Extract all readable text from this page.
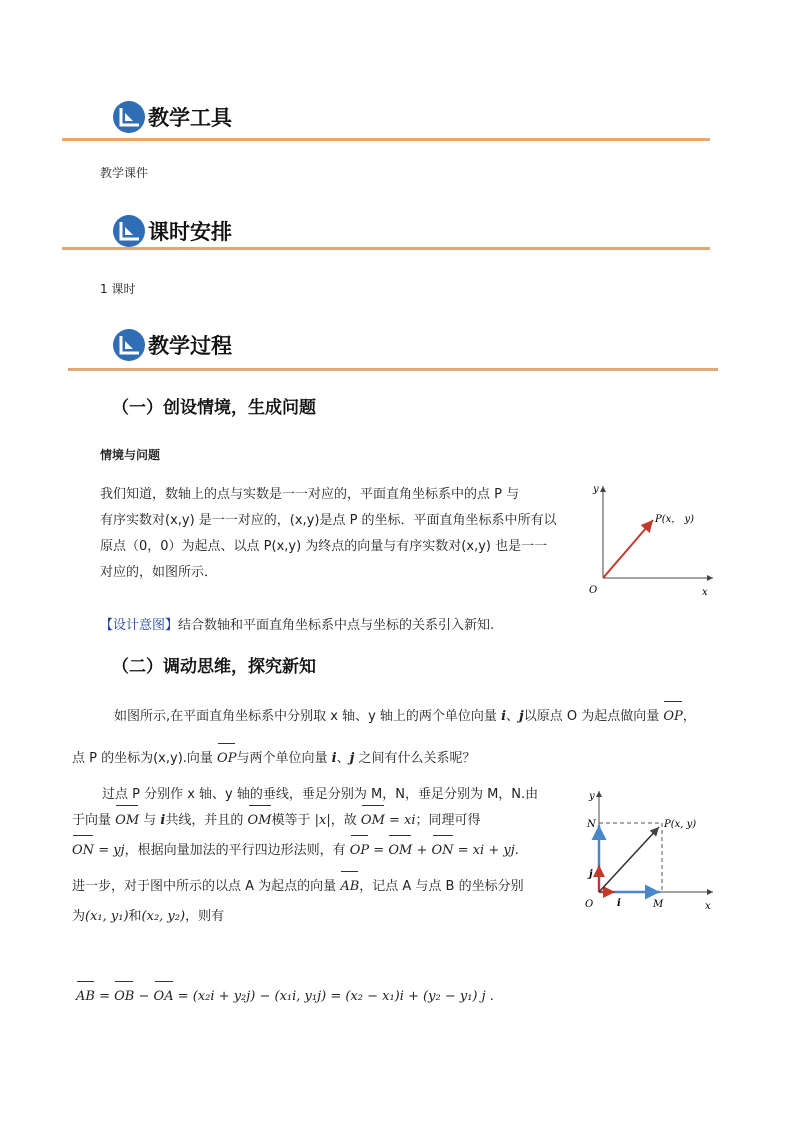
教学工具
教学课件
课时安排
1 课时
教学过程
（一）创设情境，生成问题
情境与问题
我们知道，数轴上的点与实数是一一对应的，平面直角坐标系中的点 P 与
有序实数对(x,y) 是一一对应的，(x,y)是点 P 的坐标．平面直角坐标系中所有以
原点（0，0）为起点、以点 P(x,y) 为终点的向量与有序实数对(x,y) 也是一一
对应的，如图所示．
y
x
O
P(x， y)
【设计意图】结合数轴和平面直角坐标系中点与坐标的关系引入新知.
（二）调动思维，探究新知
如图所示,在平面直角坐标系中分别取 x 轴、y 轴上的两个单位向量 i、j以原点 O 为起点做向量 OP，
点 P 的坐标为(x,y).向量 OP与两个单位向量 i、j 之间有什么关系呢？
过点 P 分别作 x 轴、y 轴的垂线，垂足分别为 M，N，垂足分别为 M，N.由
于向量 OM 与 i共线，并且的 OM模等于 |x|，故 OM = xi；同理可得
ON = yj，根据向量加法的平行四边形法则，有 OP = OM + ON = xi + yj.
进一步，对于图中所示的以点 A 为起点的向量 AB，记点 A 与点 B 的坐标分别
为(x₁, y₁)和(x₂, y₂)，则有
AB = OB − OA = (x₂i + y₂j) − (x₁i, y₁j) = (x₂ − x₁)i + (y₂ − y₁) j .
y
x
O
N
M
P(x, y)
i
j
